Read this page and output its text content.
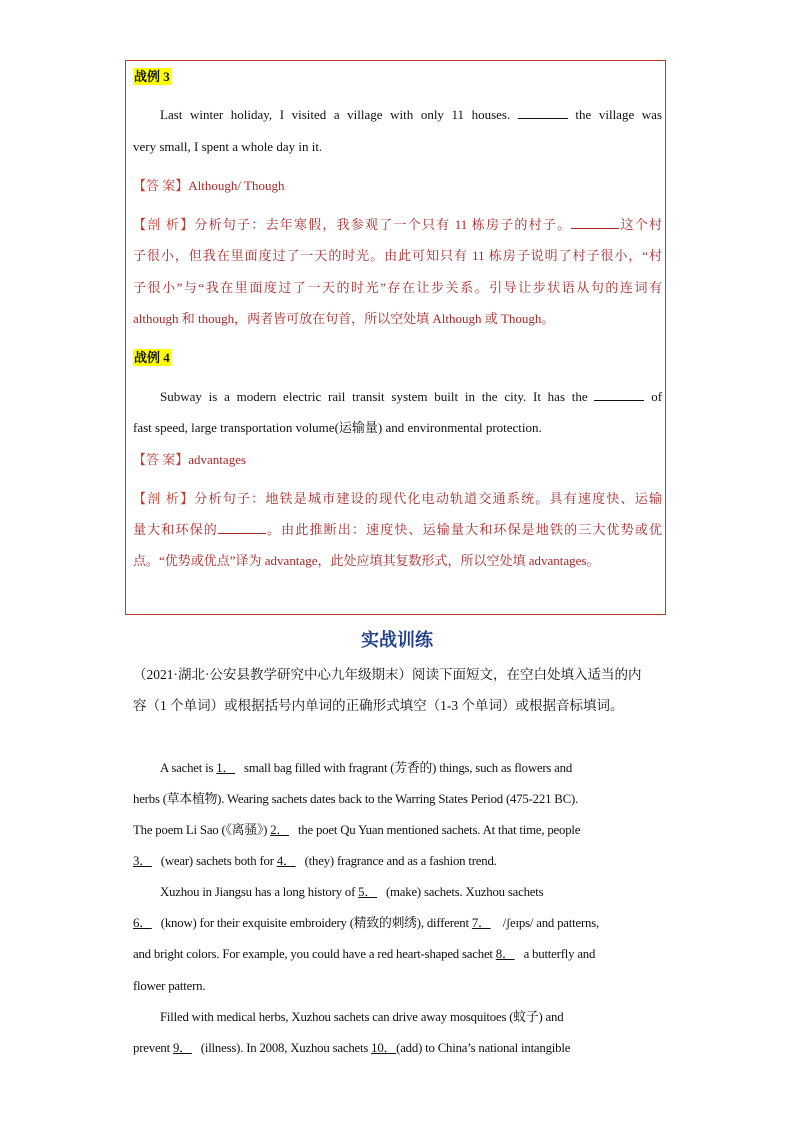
战例 3
Last winter holiday, I visited a village with only 11 houses.	the village was
very small, I spent a whole day in it.
【答 案】Although/ Though
【剖 析】分析句子：去年寒假，我参观了一个只有 11 栋房子的村子。	这个村
子很小，但我在里面度过了一天的时光。由此可知只有 11 栋房子说明了村子很小，“村
子很小”与“我在里面度过了一天的时光”存在让步关系。引导让步状语从句的连词有
although 和 though，两者皆可放在句首，所以空处填 Although 或 Though。
战例 4
Subway is a modern electric rail transit system built in the city. It has the	of
fast speed, large transportation volume(运输量) and environmental protection.
【答 案】advantages
【剖 析】分析句子：地铁是城市建设的现代化电动轨道交通系统。具有速度快、运输
量大和环保的	。由此推断出：速度快、运输量大和环保是地铁的三大优势或优
点。“优势或优点”译为 advantage，此处应填其复数形式，所以空处填 advantages。
实战训练
（2021·湖北·公安县教学研究中心九年级期末）阅读下面短文，在空白处填入适当的内
容（1 个单词）或根据括号内单词的正确形式填空（1-3 个单词）或根据音标填词。
A sachet is 1． small bag filled with fragrant (芳香的) things, such as flowers and
herbs (草本植物). Wearing sachets dates back to the Warring States Period (475-221 BC).
The poem Li Sao (《离骚》) 2． the poet Qu Yuan mentioned sachets. At that time, people
3． (wear) sachets both for 4． (they) fragrance and as a fashion trend.
Xuzhou in Jiangsu has a long history of 5． (make) sachets. Xuzhou sachets
6． (know) for their exquisite embroidery (精致的刺绣), different 7． /ʃeɪps/ and patterns,
and bright colors. For example, you could have a red heart-shaped sachet 8． a butterfly and
flower pattern.
Filled with medical herbs, Xuzhou sachets can drive away mosquitoes (蚊子) and
prevent 9． (illness). In 2008, Xuzhou sachets 10．(add) to China’s national intangible
